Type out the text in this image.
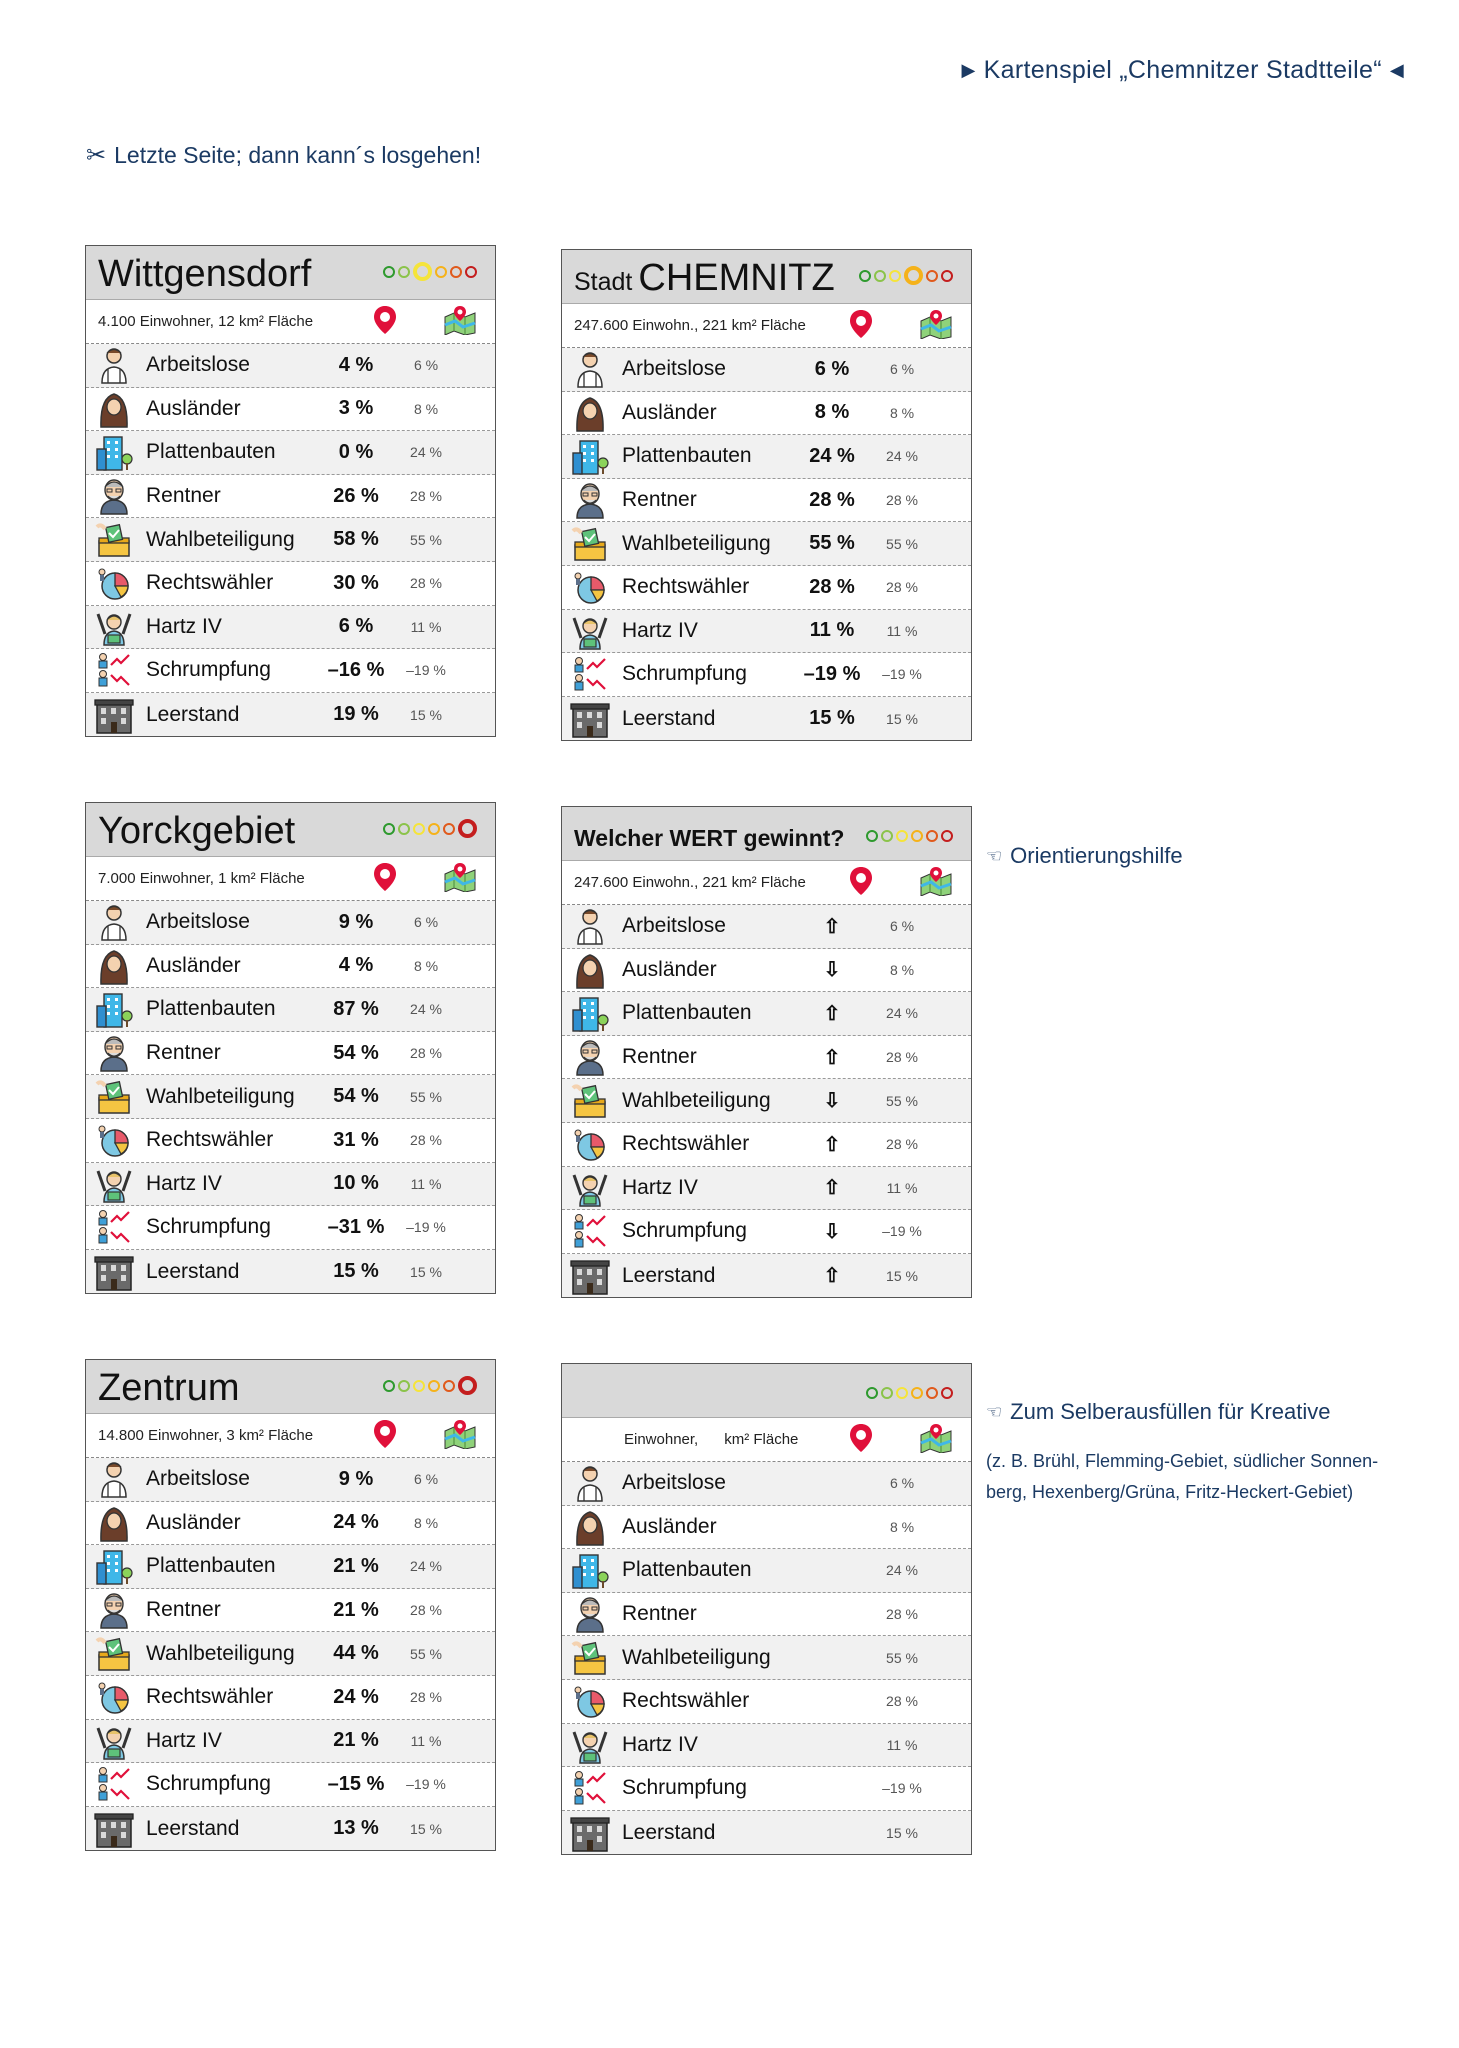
▶ Kartenspiel „Chemnitzer Stadtteile“ ◀
✂ Letzte Seite; dann kann´s losgehen!
Wittgensdorf
4.100 Einwohner, 12 km² Fläche
Arbeitslose	4 %	6 %
Ausländer	3 %	8 %
Plattenbauten	0 %	24 %
Rentner	26 %	28 %
Wahlbeteiligung	58 %	55 %
Rechtswähler	30 %	28 %
Hartz IV	6 %	11 %
Schrumpfung	–16 %	–19 %
Leerstand	19 %	15 %
Stadt CHEMNITZ
247.600 Einwohn., 221 km² Fläche
Arbeitslose	6 %	6 %
Ausländer	8 %	8 %
Plattenbauten	24 %	24 %
Rentner	28 %	28 %
Wahlbeteiligung	55 %	55 %
Rechtswähler	28 %	28 %
Hartz IV	11 %	11 %
Schrumpfung	–19 %	–19 %
Leerstand	15 %	15 %
Yorckgebiet
7.000 Einwohner, 1 km² Fläche
Arbeitslose	9 %	6 %
Ausländer	4 %	8 %
Plattenbauten	87 %	24 %
Rentner	54 %	28 %
Wahlbeteiligung	54 %	55 %
Rechtswähler	31 %	28 %
Hartz IV	10 %	11 %
Schrumpfung	–31 %	–19 %
Leerstand	15 %	15 %
Welcher WERT gewinnt?
247.600 Einwohn., 221 km² Fläche
Arbeitslose	⇧	6 %
Ausländer	⇩	8 %
Plattenbauten	⇧	24 %
Rentner	⇧	28 %
Wahlbeteiligung	⇩	55 %
Rechtswähler	⇧	28 %
Hartz IV	⇧	11 %
Schrumpfung	⇩	–19 %
Leerstand	⇧	15 %
Zentrum
14.800 Einwohner, 3 km² Fläche
Arbeitslose	9 %	6 %
Ausländer	24 %	8 %
Plattenbauten	21 %	24 %
Rentner	21 %	28 %
Wahlbeteiligung	44 %	55 %
Rechtswähler	24 %	28 %
Hartz IV	21 %	11 %
Schrumpfung	–15 %	–19 %
Leerstand	13 %	15 %
Einwohner, km² Fläche
Arbeitslose	6 %
Ausländer	8 %
Plattenbauten	24 %
Rentner	28 %
Wahlbeteiligung	55 %
Rechtswähler	28 %
Hartz IV	11 %
Schrumpfung	–19 %
Leerstand	15 %
☜ Orientierungshilfe
☜ Zum Selberausfüllen für Kreative
(z. B. Brühl, Flemming-Gebiet, südlicher Sonnen-berg, Hexenberg/Grüna, Fritz-Heckert-Gebiet)
